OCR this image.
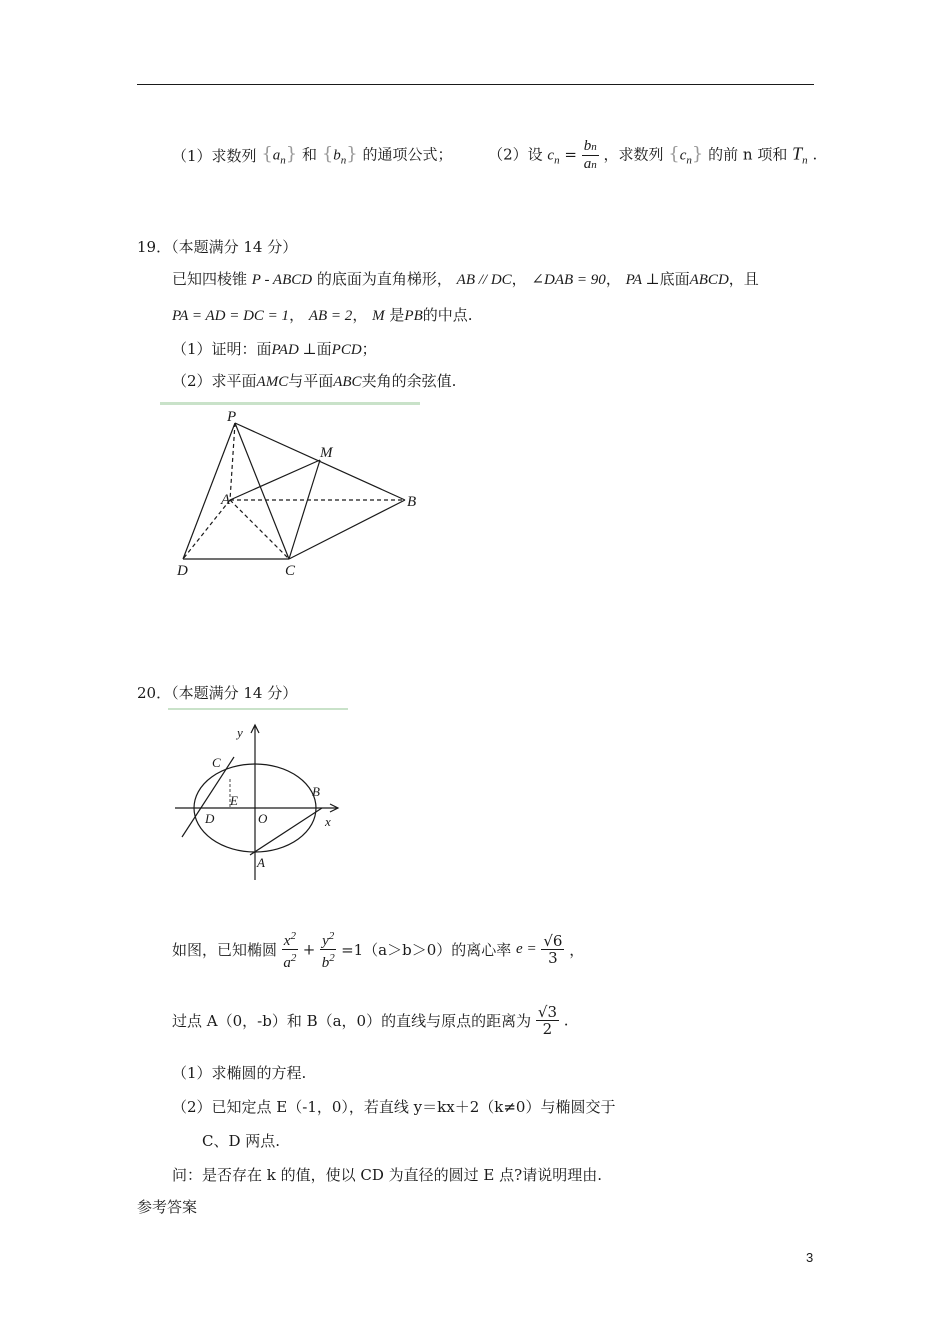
（1）求数列 $\{a_n\}$ 和 $\{b_n\}$ 的通项公式； （2）设 $c_n = \frac{bn}{an}$ ，求数列 $\{c_n\}$ 的前 n 项和 $T_n$ .
19．（本题满分 14 分）
已知四棱锥 P - ABCD 的底面为直角梯形， AB // DC， ∠DAB = 90， PA ⊥底面ABCD，且
PA = AD = DC = 1， AB = 2， M 是PB的中点.
（1）证明：面PAD ⊥面PCD；
（2）求平面AMC与平面ABC夹角的余弦值.
P
M
A	B
D	C
20．（本题满分 14 分）
y
x
C
E
B
D	O
A
如图，已知椭圆 $\frac{x^2}{a^2} + \frac{y^2}{b^2} =1(a>b>0)$的离心率 $e = \frac{√6}{3}$ ，
过点 A（0，-b）和 B（a，0）的直线与原点的距离为 $\frac{√3}{2}$ .
（1）求椭圆的方程.
（2）已知定点 E（-1，0），若直线 y＝kx＋2（k≠0）与椭圆交于
C、D 两点.
问：是否存在 k 的值，使以 CD 为直径的圆过 E 点?请说明理由.
参考答案
3
